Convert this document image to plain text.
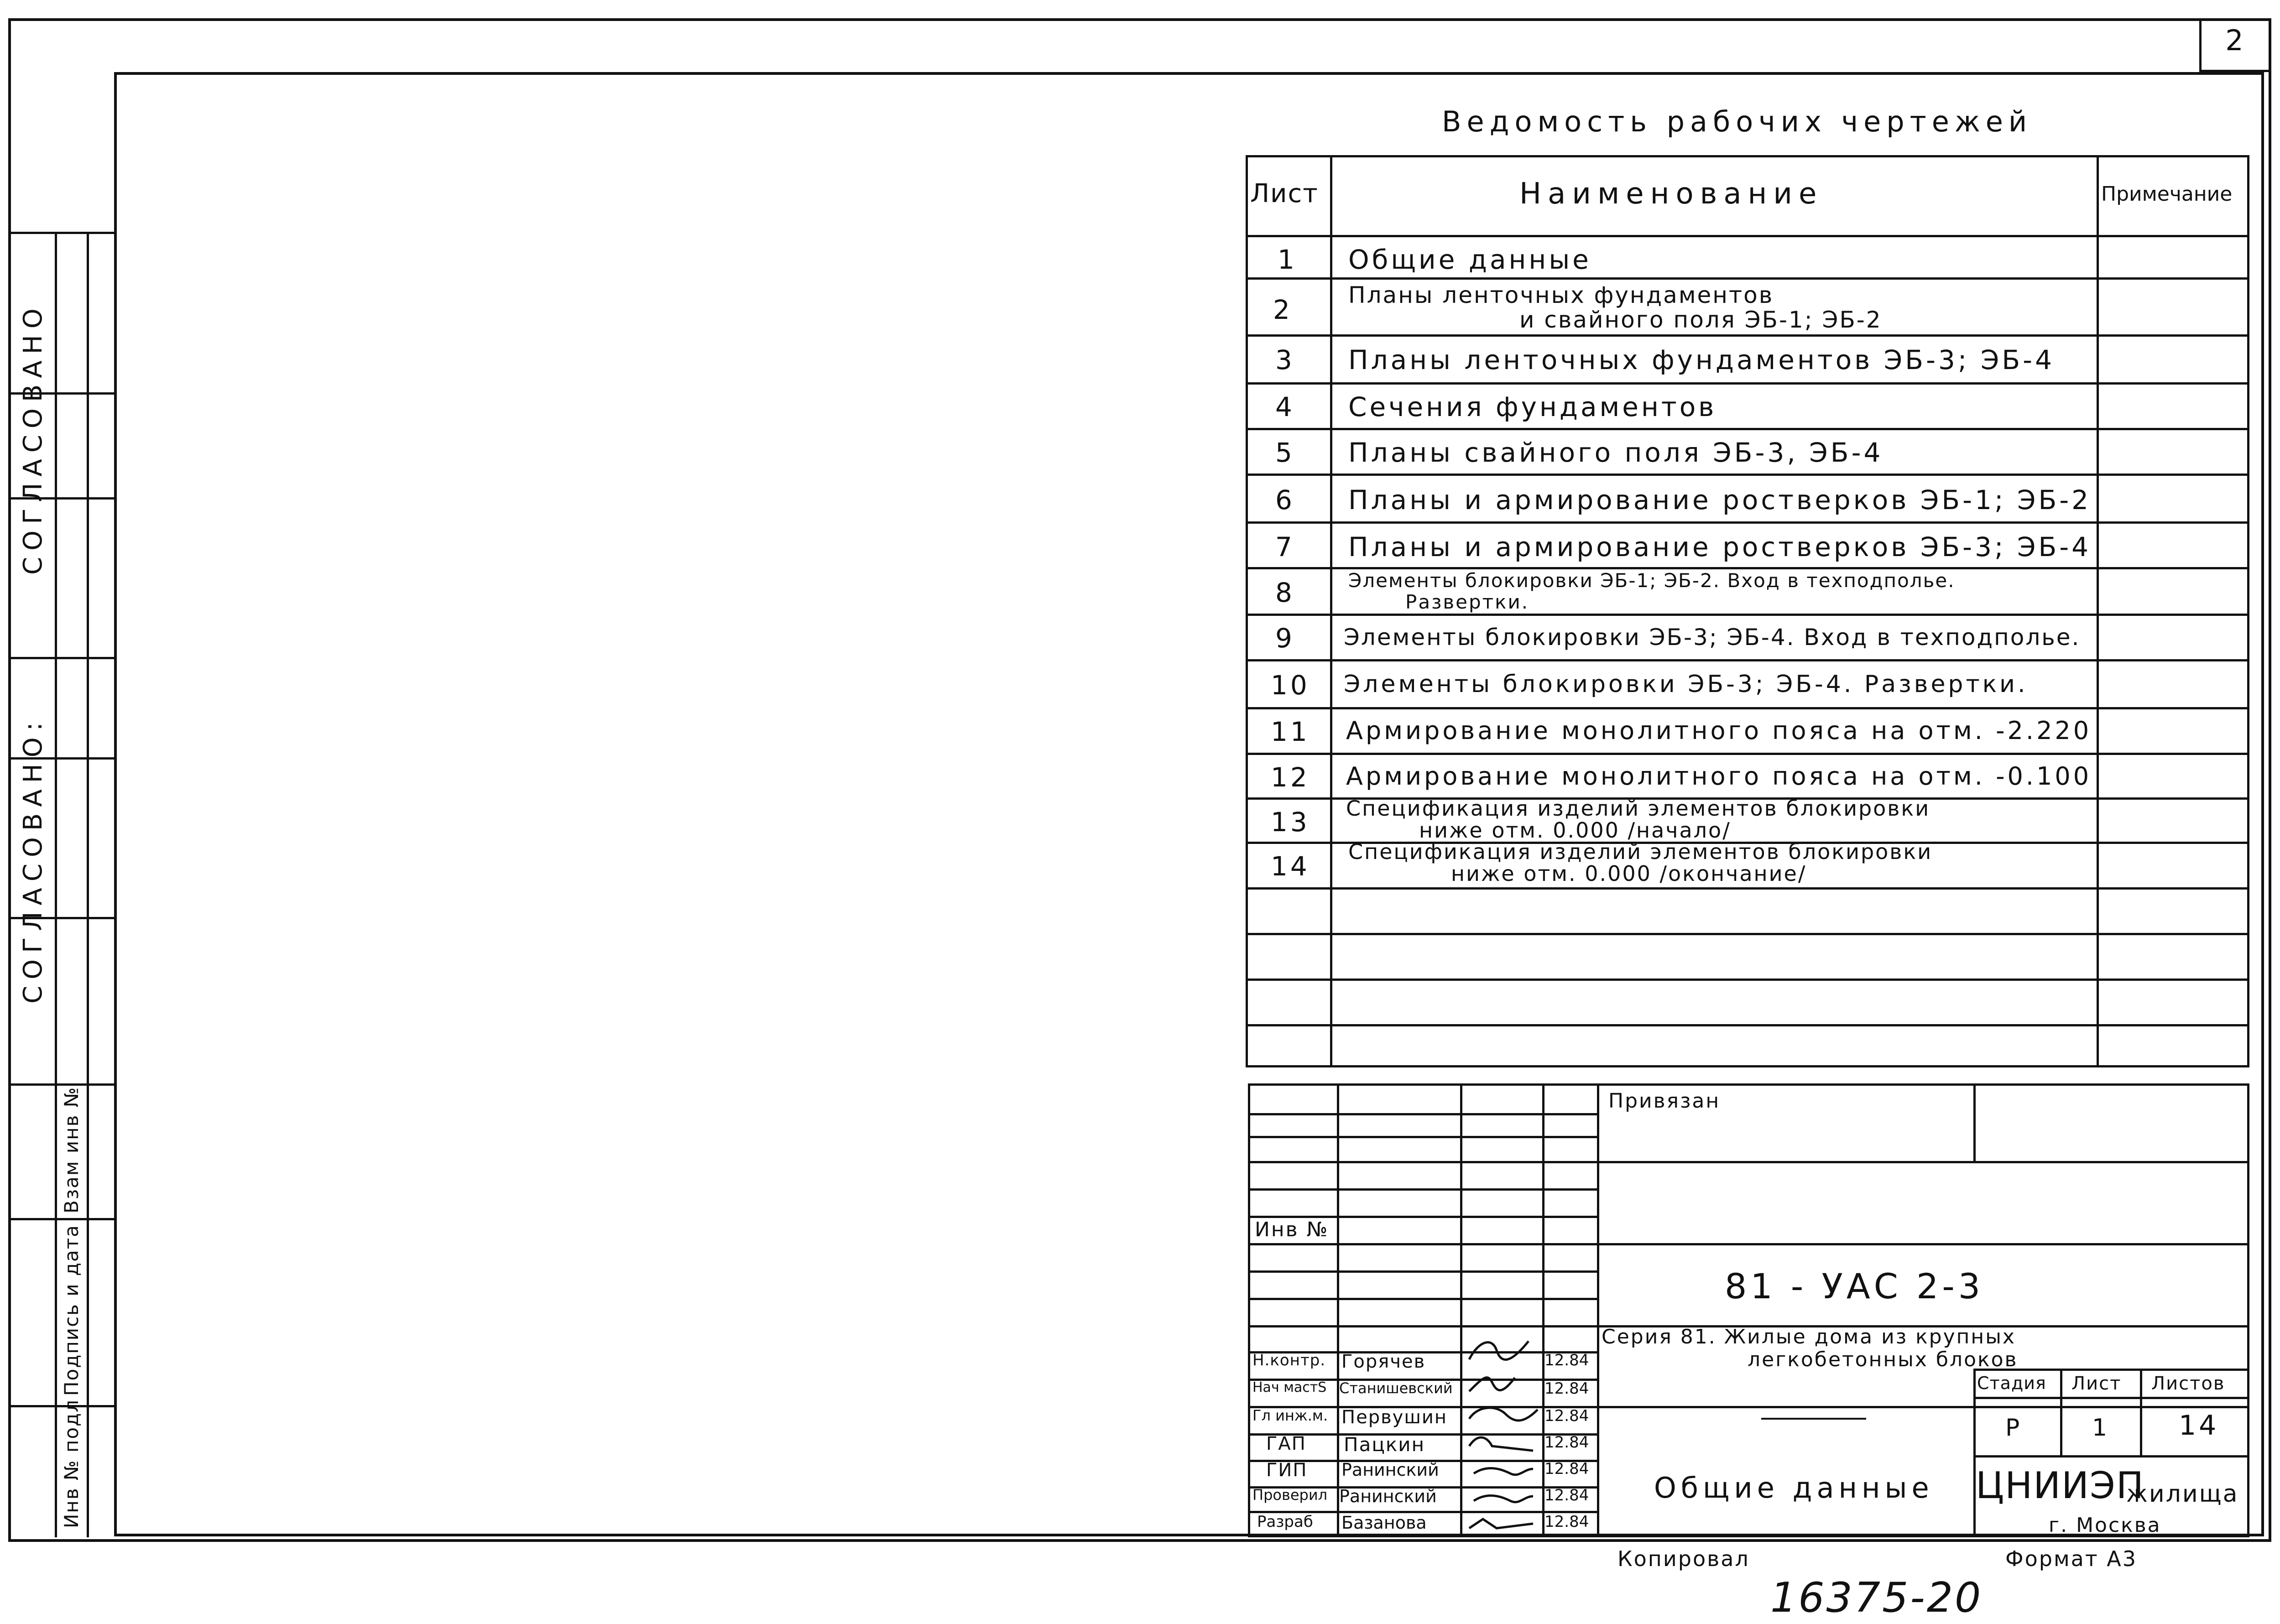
2
СОГЛАСОВАНО
СОГЛАСОВАНО:
Инв № подл
Подпись и дата
Взам инв №
Ведомость рабочих чертежей
Лист	Наименование	Примечание
1 Общие данные
2 Планы ленточных фундаментов
и свайного поля ЭБ-1; ЭБ-2
3 Планы ленточных фундаментов ЭБ-3; ЭБ-4
4 Сечения фундаментов
5 Планы свайного поля ЭБ-3, ЭБ-4
6 Планы и армирование ростверков ЭБ-1; ЭБ-2
7 Планы и армирование ростверков ЭБ-3; ЭБ-4
8	Элементы блокировки ЭБ-1; ЭБ-2. Вход в техподполье.
Развертки.
9 Элементы блокировки ЭБ-3; ЭБ-4. Вход в техподполье.
10 Элементы блокировки ЭБ-3; ЭБ-4. Развертки.
11 Армирование монолитного пояса на отм. -2.220
12 Армирование монолитного пояса на отм. -0.100
13 Спецификация изделий элементов блокировки
ниже отм. 0.000 /начало/
14 Спецификация изделий элементов блокировки
ниже отм. 0.000 /окончание/
Привязан
Инв №
81 - УАС 2-3
Серия 81. Жилые дома из крупных
легкобетонных блоков
Стадия Лист Листов
Р	1	14
Общие данные ЦНИИЭП
жилища
г. Москва
Н.контр. Горячев	12.84
Нач мастS Станишевский	12.84
Гл инж.м. Первушин	12.84
ГАП Пацкин	12.84
ГИП Ранинский	12.84
Проверил Ранинский	12.84
Разраб Базанова	12.84
Копировал	Формат А3
16375-20
